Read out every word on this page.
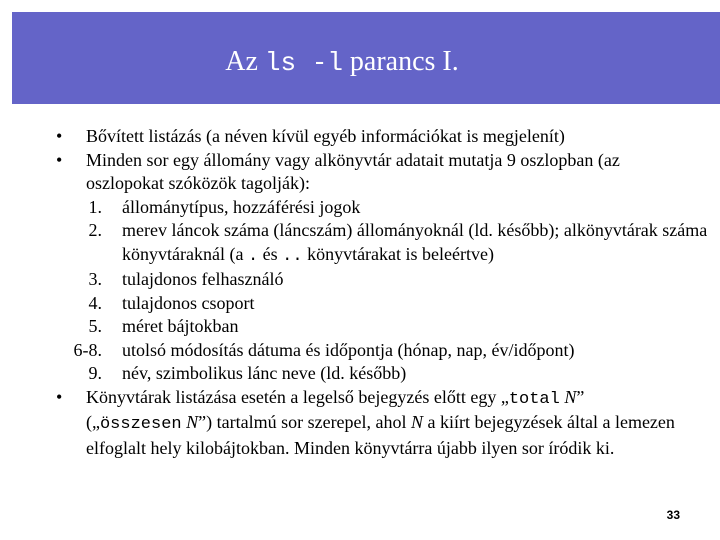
Az ls -l parancs I.
• Bővített listázás (a néven kívül egyéb információkat is megjelenít)
• Minden sor egy állomány vagy alkönyvtár adatait mutatja 9 oszlopban (az oszlopokat szóközök tagolják):
1. állománytípus, hozzáférési jogok
2. merev láncok száma (láncszám) állományoknál (ld. később); alkönyvtárak száma könyvtáraknál (a . és .. könyvtárakat is beleértve)
3. tulajdonos felhasználó
4. tulajdonos csoport
5. méret bájtokban
6-8. utolsó módosítás dátuma és időpontja (hónap, nap, év/időpont)
9. név, szimbolikus lánc neve (ld. később)
• Könyvtárak listázása esetén a legelső bejegyzés előtt egy „total N” („összesen N”) tartalmú sor szerepel, ahol N a kiírt bejegyzések által a lemezen elfoglalt hely kilobájtokban. Minden könyvtárra újabb ilyen sor íródik ki.
33
